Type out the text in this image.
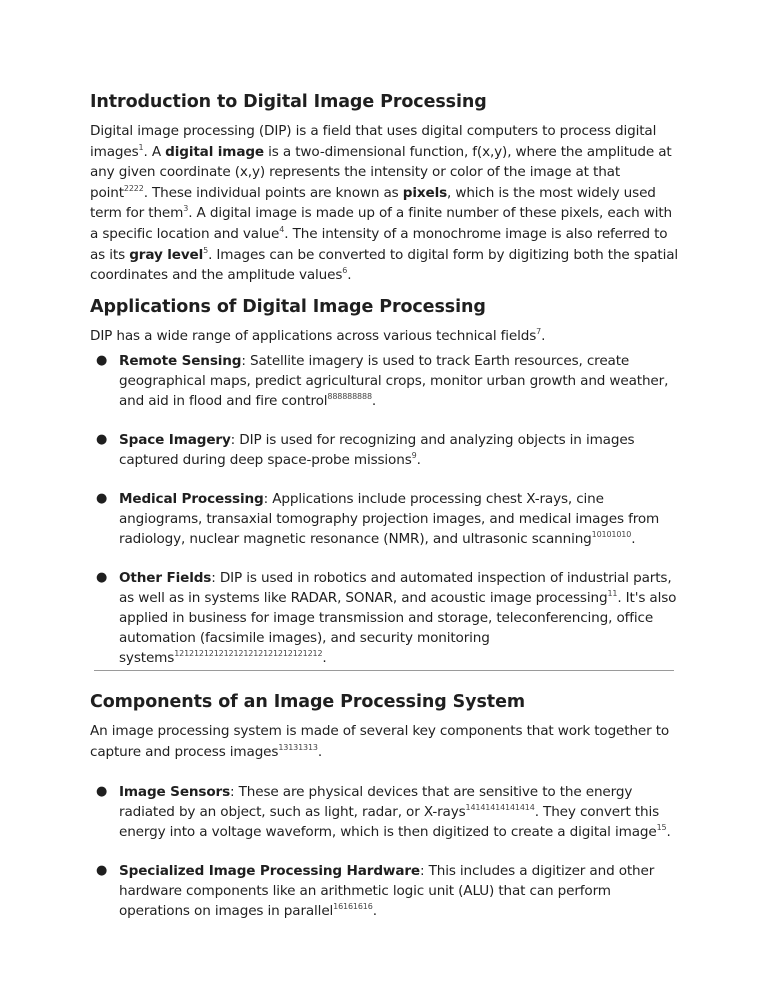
Introduction to Digital Image Processing

Digital image processing (DIP) is a field that uses digital computers to process digital images$^1$. A digital image is a two-dimensional function, f(x,y), where the amplitude at any given coordinate (x,y) represents the intensity or color of the image at that point$^{2222}$. These individual points are known as pixels, which is the most widely used term for them$^3$. A digital image is made up of a finite number of these pixels, each with a specific location and value$^4$. The intensity of a monochrome image is also referred to as its gray level$^5$. Images can be converted to digital form by digitizing both the spatial coordinates and the amplitude values$^6$.

Applications of Digital Image Processing

DIP has a wide range of applications across various technical fields$^7$.

● Remote Sensing: Satellite imagery is used to track Earth resources, create geographical maps, predict agricultural crops, monitor urban growth and weather, and aid in flood and fire control$^{888888888}$.
● Space Imagery: DIP is used for recognizing and analyzing objects in images captured during deep space-probe missions$^9$.
● Medical Processing: Applications include processing chest X-rays, cine angiograms, transaxial tomography projection images, and medical images from radiology, nuclear magnetic resonance (NMR), and ultrasonic scanning$^{10101010}$.
● Other Fields: DIP is used in robotics and automated inspection of industrial parts, as well as in systems like RADAR, SONAR, and acoustic image processing$^{11}$. It's also applied in business for image transmission and storage, teleconferencing, office automation (facsimile images), and security monitoring systems$^{121212121212121212121212121212}$.
Components of an Image Processing System

An image processing system is made of several key components that work together to capture and process images$^{13131313}$.

● Image Sensors: These are physical devices that are sensitive to the energy radiated by an object, such as light, radar, or X-rays$^{14141414141414}$. They convert this energy into a voltage waveform, which is then digitized to create a digital image$^{15}$.
● Specialized Image Processing Hardware: This includes a digitizer and other hardware components like an arithmetic logic unit (ALU) that can perform operations on images in parallel$^{16161616}$.
